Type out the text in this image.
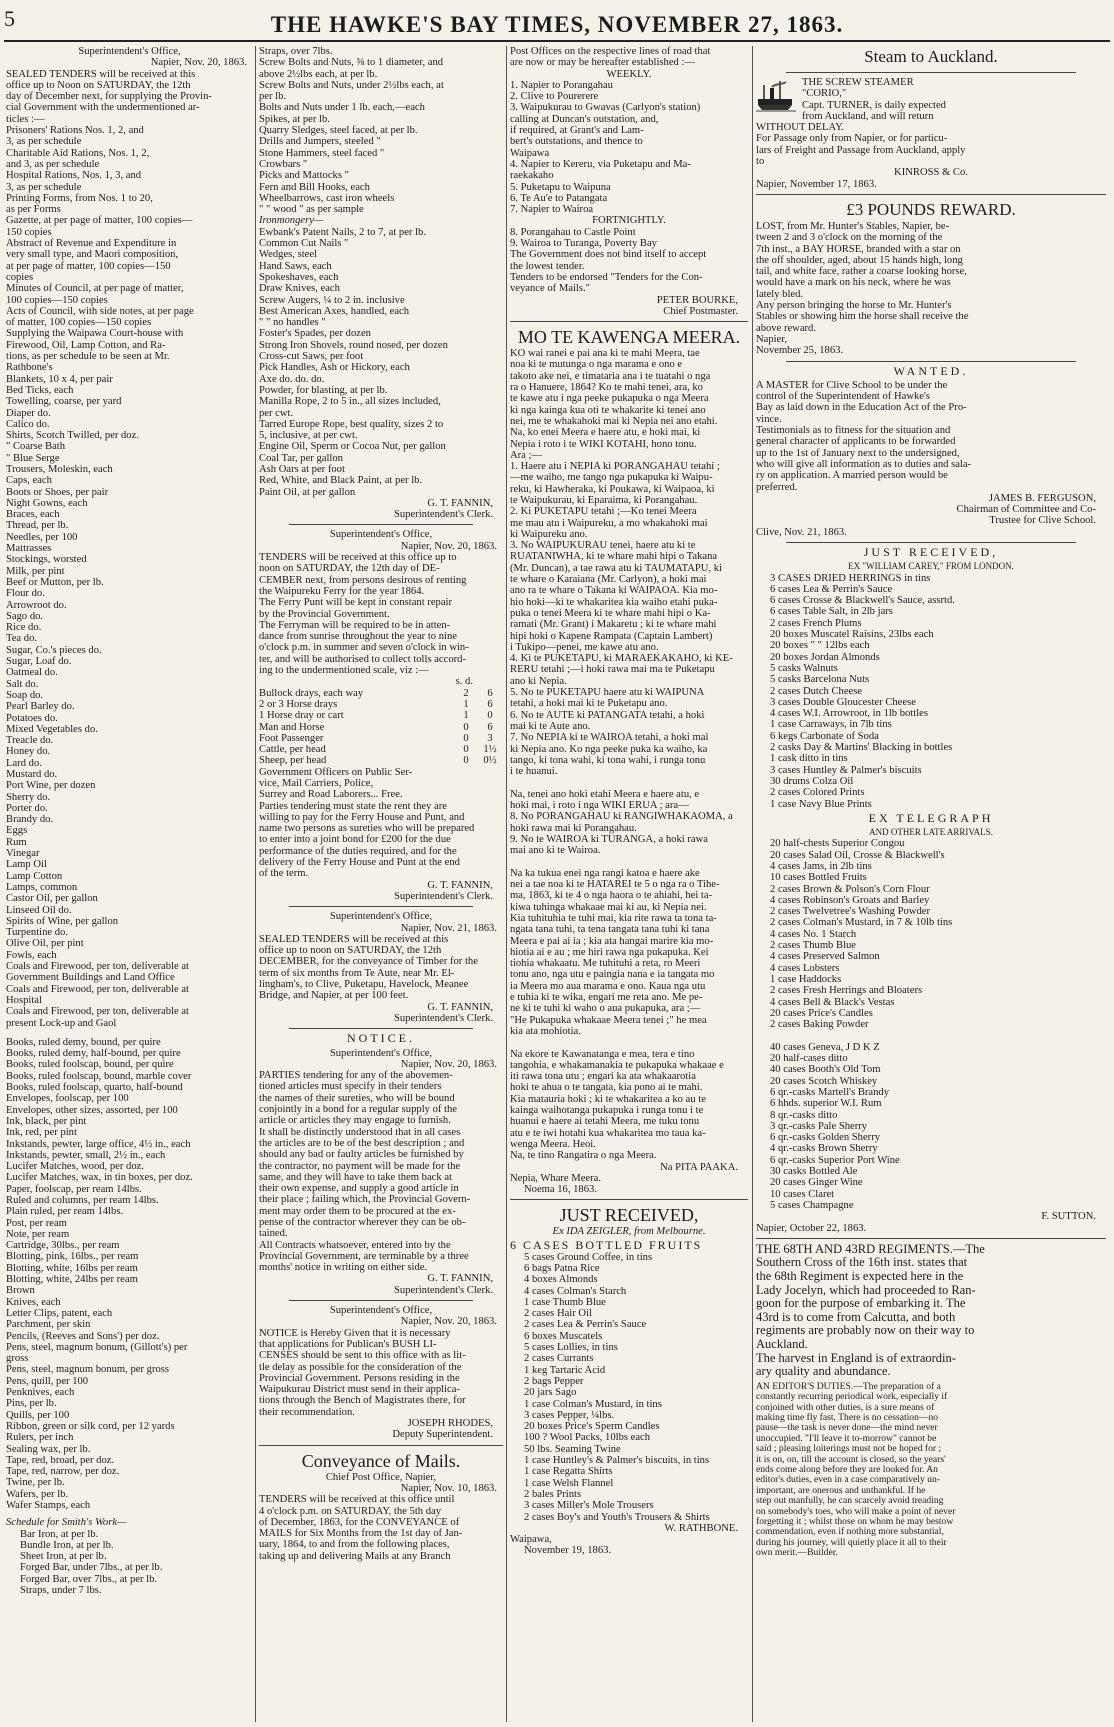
5	THE HAWKE'S BAY TIMES, NOVEMBER 27, 1863.
Superintendent's Office,
Napier, Nov. 20, 1863.
SEALED TENDERS will be received at this
office up to Noon on SATURDAY, the 12th
day of December next, for supplying the Provin-
cial Government with the undermentioned ar-
ticles :—
Prisoners' Rations Nos. 1, 2, and
3, as per schedule
Charitable Aid Rations, Nos. 1, 2,
and 3, as per schedule
Hospital Rations, Nos. 1, 3, and
3, as per schedule
Printing Forms, from Nos. 1 to 20,
as per Forms
Gazette, at per page of matter, 100 copies—
150 copies
Abstract of Revenue and Expenditure in
very small type, and Maori composition,
at per page of matter, 100 copies—150
copies
Minutes of Council, at per page of matter,
100 copies—150 copies
Acts of Council, with side notes, at per page
of matter, 100 copies—150 copies
Supplying the Waipawa Court-house with
Firewood, Oil, Lamp Cotton, and Ra-
tions, as per schedule to be seen at Mr.
Rathbone's
Blankets, 10 x 4, per pair
Bed Ticks, each
Towelling, coarse, per yard
Diaper do.
Calico do.
Shirts, Scotch Twilled, per doz.
" Coarse Bath
" Blue Serge
Trousers, Moleskin, each
Caps, each
Boots or Shoes, per pair
Night Gowns, each
Braces, each
Thread, per lb.
Needles, per 100
Mattrasses
Stockings, worsted
Milk, per pint
Beef or Mutton, per lb.
Flour do.
Arrowroot do.
Sago do.
Rice do.
Tea do.
Sugar, Co.'s pieces do.
Sugar, Loaf do.
Oatmeal do.
Salt do.
Soap do.
Pearl Barley do.
Potatoes do.
Mixed Vegetables do.
Treacle do.
Honey do.
Lard do.
Mustard do.
Port Wine, per dozen
Sherry do.
Porter do.
Brandy do.
Eggs
Rum
Vinegar
Lamp Oil
Lamp Cotton
Lamps, common
Castor Oil, per gallon
Linseed Oil do.
Spirits of Wine, per gallon
Turpentine do.
Olive Oil, per pint
Fowls, each
Coals and Firewood, per ton, deliverable at
Government Buildings and Land Office
Coals and Firewood, per ton, deliverable at
Hospital
Coals and Firewood, per ton, deliverable at
present Lock-up and Gaol
Books, ruled demy, bound, per quire
Books, ruled demy, half-bound, per quire
Books, ruled foolscap, bound, per quire
Books, ruled foolscap, bound, marble cover
Books, ruled foolscap, quarto, half-bound
Envelopes, foolscap, per 100
Envelopes, other sizes, assorted, per 100
Ink, black, per pint
Ink, red, per pint
Inkstands, pewter, large office, 4½ in., each
Inkstands, pewter, small, 2½ in., each
Lucifer Matches, wood, per doz.
Lucifer Matches, wax, in tin boxes, per doz.
Paper, foolscap, per ream 14lbs.
Ruled and columns, per ream 14lbs.
Plain ruled, per ream 14lbs.
Post, per ream
Note, per ream
Cartridge, 30lbs., per ream
Blotting, pink, 16lbs., per ream
Blotting, white, 16lbs per ream
Blotting, white, 24lbs per ream
Brown
Knives, each
Letter Clips, patent, each
Parchment, per skin
Pencils, (Reeves and Sons') per doz.
Pens, steel, magnum bonum, (Gillott's) per
gross
Pens, steel, magnum bonum, per gross
Pens, quill, per 100
Penknives, each
Pins, per lb.
Quills, per 100
Ribbon, green or silk cord, per 12 yards
Rulers, per inch
Sealing wax, per lb.
Tape, red, broad, per doz.
Tape, red, narrow, per doz.
Twine, per lb.
Wafers, per lb.
Wafer Stamps, each
Schedule for Smith's Work—
Bar Iron, at per lb.
Bundle Iron, at per lb.
Sheet Iron, at per lb.
Forged Bar, under 7lbs., at per lb.
Forged Bar, over 7lbs., at per lb.
Straps, under 7 lbs.
Straps, over 7lbs.
Screw Bolts and Nuts, ⅜ to 1 diameter, and
above 2½lbs each, at per lb.
Screw Bolts and Nuts, under 2½lbs each, at
per lb.
Bolts and Nuts under 1 lb. each,—each
Spikes, at per lb.
Quarry Sledges, steel faced, at per lb.
Drills and Jumpers, steeled "
Stone Hammers, steel faced "
Crowbars "
Picks and Mattocks "
Fern and Bill Hooks, each
Wheelbarrows, cast iron wheels
" " wood " as per sample
Ironmongery—
Ewbank's Patent Nails, 2 to 7, at per lb.
Common Cut Nails "
Wedges, steel
Hand Saws, each
Spokeshaves, each
Draw Knives, each
Screw Augers, ¼ to 2 in. inclusive
Best American Axes, handled, each
" " no handles "
Foster's Spades, per dozen
Strong Iron Shovels, round nosed, per dozen
Cross-cut Saws, per foot
Pick Handles, Ash or Hickory, each
Axe do. do. do.
Powder, for blasting, at per lb.
Manilla Rope, 2 to 5 in., all sizes included,
per cwt.
Tarred Europe Rope, best quality, sizes 2 to
5, inclusive, at per cwt.
Engine Oil, Sperm or Cocoa Nut, per gallon
Coal Tar, per gallon
Ash Oars at per foot
Red, White, and Black Paint, at per lb.
Paint Oil, at per gallon
G. T. FANNIN,
Superintendent's Clerk.
Superintendent's Office,
Napier, Nov. 20, 1863.
TENDERS will be received at this office up to
noon on SATURDAY, the 12th day of DE-
CEMBER next, from persons desirous of renting
the Waipureku Ferry for the year 1864.
The Ferry Punt will be kept in constant repair
by the Provincial Government.
The Ferryman will be required to be in atten-
dance from sunrise throughout the year to nine
o'clock p.m. in summer and seven o'clock in win-
ter, and will be authorised to collect tolls accord-
ing to the undermentioned scale, viz :—
s. d.
Bullock drays, each way	2	6
2 or 3 Horse drays	1	6
1 Horse dray or cart	1	0
Man and Horse	0	6
Foot Passenger	0	3
Cattle, per head	0	1½
Sheep, per head	0	0½
Government Officers on Public Ser-
vice, Mail Carriers, Police,
Surrey and Road Laborers... Free.
Parties tendering must state the rent they are
willing to pay for the Ferry House and Punt, and
name two persons as sureties who will be prepared
to enter into a joint bond for £200 for the due
performance of the duties required, and for the
delivery of the Ferry House and Punt at the end
of the term.
G. T. FANNIN,
Superintendent's Clerk.
Superintendent's Office,
Napier, Nov. 21, 1863.
SEALED TENDERS will be received at this
office up to noon on SATURDAY, the 12th
DECEMBER, for the conveyance of Timber for the
term of six months from Te Aute, near Mr. El-
lingham's, to Clive, Puketapu, Havelock, Meanee
Bridge, and Napier, at per 100 feet.
G. T. FANNIN,
Superintendent's Clerk.
NOTICE.
Superintendent's Office,
Napier, Nov. 20, 1863.
PARTIES tendering for any of the abovemen-
tioned articles must specify in their tenders
the names of their sureties, who will be bound
conjointly in a bond for a regular supply of the
article or articles they may engage to furnish.
It shall be distinctly understood that in all cases
the articles are to be of the best description ; and
should any bad or faulty articles be furnished by
the contractor, no payment will be made for the
same, and they will have to take them back at
their own expense, and supply a good article in
their place ; failing which, the Provincial Govern-
ment may order them to be procured at the ex-
pense of the contractor wherever they can be ob-
tained.
All Contracts whatsoever, entered into by the
Provincial Government, are terminable by a three
months' notice in writing on either side.
G. T. FANNIN,
Superintendent's Clerk.
Superintendent's Office,
Napier, Nov. 20, 1863.
NOTICE is Hereby Given that it is necessary
that applications for Publican's BUSH LI-
CENSES should be sent to this office with as lit-
tle delay as possible for the consideration of the
Provincial Government. Persons residing in the
Waipukurau District must send in their applica-
tions through the Bench of Magistrates there, for
their recommendation.
JOSEPH RHODES,
Deputy Superintendent.
Conveyance of Mails.
Chief Post Office, Napier,
Napier, Nov. 10, 1863.
TENDERS will be received at this office until
4 o'clock p.m. on SATURDAY, the 5th day
of December, 1863, for the CONVEYANCE of
MAILS for Six Months from the 1st day of Jan-
uary, 1864, to and from the following places,
taking up and delivering Mails at any Branch
Post Offices on the respective lines of road that
are now or may be hereafter established :—
WEEKLY.
1. Napier to Porangahau
2. Clive to Pourerere
3. Waipukurau to Gwavas (Carlyon's station)
calling at Duncan's outstation, and,
if required, at Grant's and Lam-
bert's outstations, and thence to
Waipawa
4. Napier to Kereru, via Puketapu and Ma-
raekakaho
5. Puketapu to Waipuna
6. Te Au'e to Patangata
7. Napier to Wairoa
FORTNIGHTLY.
8. Porangahau to Castle Point
9. Wairoa to Turanga, Poverty Bay
The Government does not bind itself to accept
the lowest tender.
Tenders to be endorsed "Tenders for the Con-
veyance of Mails."
PETER BOURKE,
Chief Postmaster.
MO TE KAWENGA MEERA.
KO wai ranei e pai ana ki te mahi Meera, tae
noa ki te mutunga o nga marama e ono e
takoto ake nei, e timataria ana i te tuatahi o nga
ra o Hanuere, 1864? Ko te mahi tenei, ara, ko
te kawe atu i nga peeke pukapuka o nga Meera
ki nga kainga kua oti te whakarite ki tenei ano
nei, me te whakahoki mai ki Nepia nei ano etahi.
Na, ko enei Meera e haere atu, e hoki mai, ki
Nepia i roto i te WIKI KOTAHI, hono tonu.
Ara ;—
1. Haere atu i NEPIA ki PORANGAHAU tetahi ;
—me waiho, me tango nga pukapuka ki Waipu-
reku, ki Hawheraka, ki Poukawa, ki Waipaoa, ki
te Waipukurau, ki Eparaima, ki Porangahau.
2. Ki PUKETAPU tetahi ;—Ko tenei Meera
me mau atu i Waipureku, a mo whakahoki mai
ki Waipureku ano.
3. No WAIPUKURAU tenei, haere atu ki te
RUATANIWHA, ki te whare mahi hipi o Takana
(Mr. Duncan), a tae rawa atu ki TAUMATAPU, ki
te whare o Karaiana (Mr. Carlyon), a hoki mai
ano ra te whare o Takana ki WAIPAOA. Kia mo-
hio hoki—ki te whakaritea kia waiho etahi puka-
puka o tenei Meera ki te whare mahi hipi o Ka-
ramati (Mr. Grant) i Makaretu ; ki te whare mahi
hipi hoki o Kapene Rampata (Captain Lambert)
i Tukipo—penei, me kawe atu ano.
4. Ki te PUKETAPU, ki MARAEKAKAHO, ki KE-
RERU tetahi ;—i hoki rawa mai ma te Puketapu
ano ki Nepia.
5. No te PUKETAPU haere atu ki WAIPUNA
tetahi, a hoki mai ki te Puketapu ano.
6. No te AUTE ki PATANGATA tetahi, a hoki
mai ki te Aute ano.
7. No NEPIA ki te WAIROA tetahi, a hoki mai
ki Nepia ano. Ko nga peeke puka ka waiho, ka
tango, ki tona wahi, ki tona wahi, i runga tonu
i te huanui.

Na, tenei ano hoki etahi Meera e haere atu, e
hoki mai, i roto i nga WIKI ERUA ; ara—
8. No PORANGAHAU ki RANGIWHAKAOMA, a
hoki rawa mai ki Porangahau.
9. No te WAIROA ki TURANGA, a hoki rawa
mai ano ki te Wairoa.

Na ka tukua enei nga rangi katoa e haere ake
nei a tae noa ki te HATAREI te 5 o nga ra o Tihe-
ma, 1863, ki te 4 o nga haora o te ahiahi, hei ta-
kiwa tuhinga whakaae mai ki au, ki Nepia nei.
Kia tuhituhia te tuhi mai, kia rite rawa ta tona ta-
ngata tana tuhi, ta tena tangata tana tuhi ki tana
Meera e pai ai ia ; kia ata hangai marire kia mo-
hiotia ai e au ; me hiri rawa nga pukapuka. Kei
tiohia whakaatu. Me tuhituhi a reta, ro Meeri
tonu ano, nga utu e paingia nana e ia tangata mo
ia Meera mo aua marama e ono. Kaua nga utu
e tuhia ki te wika, engari me reta ano. Me pe-
ne ki te tuhi ki waho o aua pukapuka, ara ;—
"He Pukapuka whakaae Meera tenei ;" he mea
kia ata mohiotia.

Na ekore te Kawanatanga e mea, tera e tino
tangohia, e whakamanakia te pukapuka whakaae e
iti rawa tona utu ; engari ka ata whakaarotia
hoki te ahua o te tangata, kia pono ai te mahi.
Kia matauria hoki ; ki te whakaritea a ko au te
kainga waihotanga pukapuka i runga tonu i te
huanui e haere ai tetahi Meera, me tuku tonu
atu e te iwi hotahi kua whakaritea mo taua ka-
wenga Meera. Heoi.
Na, te tino Rangatira o nga Meera.
Na PITA PAAKA.
Nepia, Whare Meera.
Noema 16, 1863.
JUST RECEIVED,
Ex IDA ZEIGLER, from Melbourne.
6 CASES BOTTLED FRUITS
5 cases Ground Coffee, in tins
6 bags Patna Rice
4 boxes Almonds
4 cases Colman's Starch
1 case Thumb Blue
2 cases Hair Oil
2 cases Lea & Perrin's Sauce
6 boxes Muscatels
5 cases Lollies, in tins
2 cases Currants
1 keg Tartaric Acid
2 bags Pepper
20 jars Sago
1 case Colman's Mustard, in tins
3 cases Pepper, ¼lbs.
20 boxes Price's Sperm Candles
100 ? Wool Packs, 10lbs each
50 lbs. Seaming Twine
1 case Huntley's & Palmer's biscuits, in tins
1 case Regatta Shirts
1 case Welsh Flannel
2 bales Prints
3 cases Miller's Mole Trousers
2 cases Boy's and Youth's Trousers & Shirts
W. RATHBONE.
Waipawa,
November 19, 1863.
Steam to Auckland.
THE SCREW STEAMER
"CORIO,"
Capt. TURNER, is daily expected
from Auckland, and will return
WITHOUT DELAY.
For Passage only from Napier, or for particu-
lars of Freight and Passage from Auckland, apply
to
KINROSS & Co.
Napier, November 17, 1863.
£3 POUNDS REWARD.
LOST, from Mr. Hunter's Stables, Napier, be-
tween 2 and 3 o'clock on the morning of the
7th inst., a BAY HORSE, branded with a star on
the off shoulder, aged, about 15 hands high, long
tail, and white face, rather a coarse looking horse,
would have a mark on his neck, where he was
lately bled.
Any person bringing the horse to Mr. Hunter's
Stables or showing him the horse shall receive the
above reward.
Napier,
November 25, 1863.
WANTED.
A MASTER for Clive School to be under the
control of the Superintendent of Hawke's
Bay as laid down in the Education Act of the Pro-
vince.
Testimonials as to fitness for the situation and
general character of applicants to be forwarded
up to the 1st of January next to the undersigned,
who will give all information as to duties and sala-
ry on application. A married person would be
preferred.
JAMES B. FERGUSON,
Chairman of Committee and Co-
Trustee for Clive School.
Clive, Nov. 21, 1863.
JUST RECEIVED,
EX "WILLIAM CAREY," FROM LONDON.
3 CASES DRIED HERRINGS in tins
6 cases Lea & Perrin's Sauce
6 cases Crosse & Blackwell's Sauce, assrtd.
6 cases Table Salt, in 2lb jars
2 cases French Plums
20 boxes Muscatel Raisins, 23lbs each
20 boxes " " 12lbs each
20 boxes Jordan Almonds
5 casks Walnuts
5 casks Barcelona Nuts
2 cases Dutch Cheese
3 cases Double Gloucester Cheese
4 cases W.I. Arrowroot, in 1lb bottles
1 case Carraways, in 7lb tins
6 kegs Carbonate of Soda
2 casks Day & Martins' Blacking in bottles
1 cask ditto in tins
3 cases Huntley & Palmer's biscuits
30 drums Colza Oil
2 cases Colored Prints
1 case Navy Blue Prints
EX TELEGRAPH
AND OTHER LATE ARRIVALS.
20 half-chests Superior Congou
20 cases Salad Oil, Crosse & Blackwell's
4 cases Jams, in 2lb tins
10 cases Bottled Fruits
2 cases Brown & Polson's Corn Flour
4 cases Robinson's Groats and Barley
2 cases Twelvetree's Washing Powder
2 cases Colman's Mustard, in 7 & 10lb tins
4 cases No. 1 Starch
2 cases Thumb Blue
4 cases Preserved Salmon
4 cases Lobsters
1 case Haddocks
2 cases Fresh Herrings and Bloaters
4 cases Bell & Black's Vestas
20 cases Price's Candles
2 cases Baking Powder

40 cases Geneva, J D K Z
20 half-cases ditto
40 cases Booth's Old Tom
20 cases Scotch Whiskey
6 qr.-casks Martell's Brandy
6 hhds. superior W.I. Rum
8 qr.-casks ditto
3 qr.-casks Pale Sherry
6 qr.-casks Golden Sherry
4 qr.-casks Brown Sherry
6 qr.-casks Superior Port Wine
30 casks Bottled Ale
20 cases Ginger Wine
10 cases Claret
5 cases Champagne
F. SUTTON.
Napier, October 22, 1863.
THE 68TH AND 43RD REGIMENTS.—The
Southern Cross of the 16th inst. states that
the 68th Regiment is expected here in the
Lady Jocelyn, which had proceeded to Ran-
goon for the purpose of embarking it. The
43rd is to come from Calcutta, and both
regiments are probably now on their way to
Auckland.
The harvest in England is of extraordin-
ary quality and abundance.
AN EDITOR'S DUTIES.—The preparation of a
constantly recurring periodical work, especially if
conjoined with other duties, is a sure means of
making time fly fast. There is no cessation—no
pause—the task is never done—the mind never
unoccupied. "I'll leave it to-morrow" cannot be
said ; pleasing loiterings must not be hoped for ;
it is on, on, till the account is closed, so the years'
ends come along before they are looked for. An
editor's duties, even in a case comparatively un-
important, are onerous and unthankful. If he
step out manfully, he can scarcely avoid treading
on somebody's toes, who will make a point of never
forgetting it ; whilst those on whom he may bestow
commendation, even if nothing more substantial,
during his journey, will quietly place it all to their
own merit.—Builder.
